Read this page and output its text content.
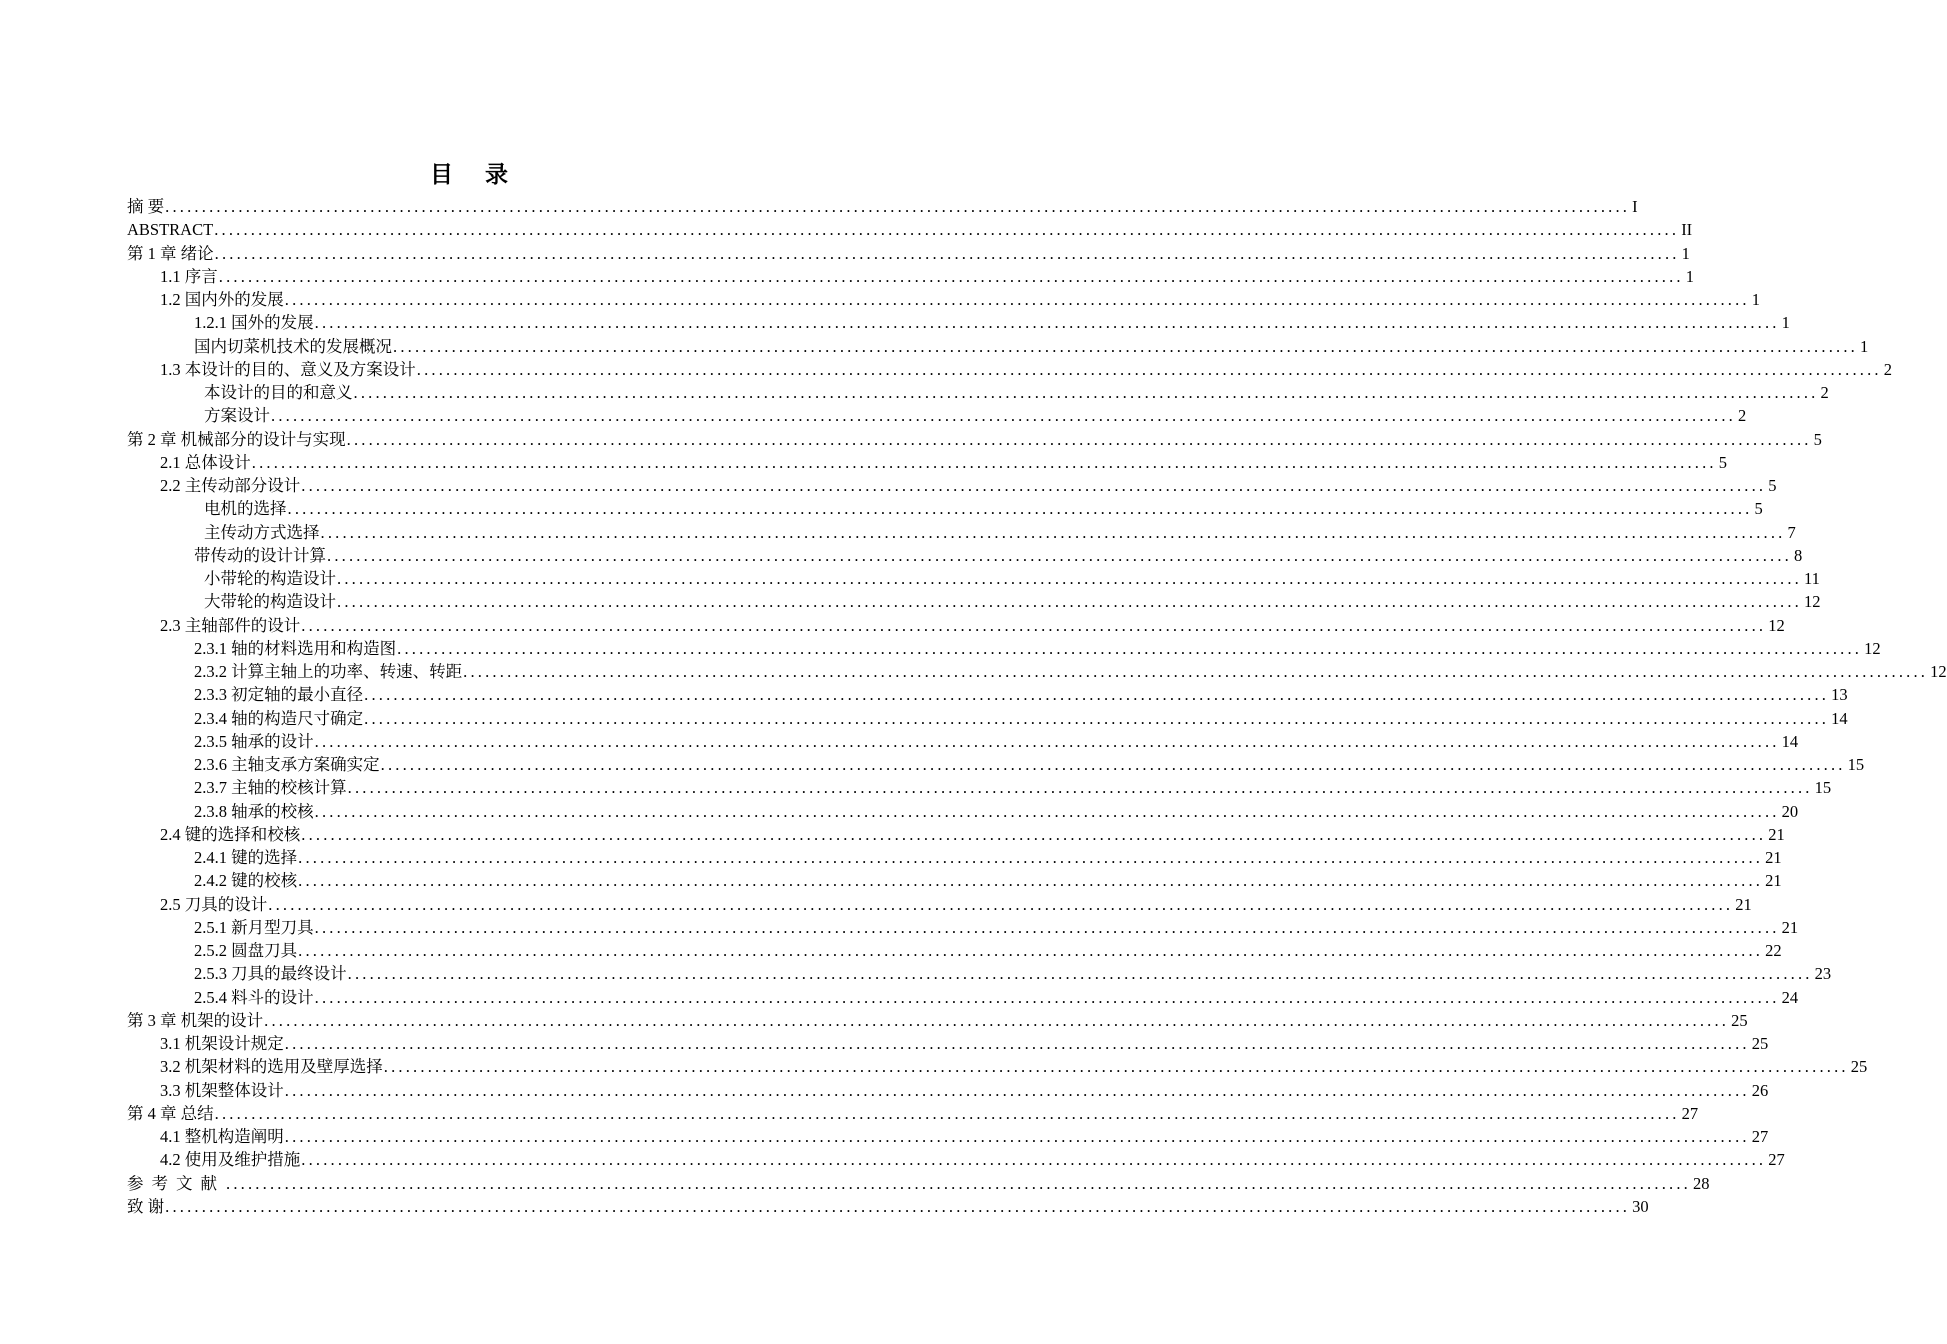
目 录
摘 要 ........................................................................................................................................................................................................ I
ABSTRACT ........................................................................................................................................................................................................ II
第 1 章 绪论 ........................................................................................................................................................................................................ 1
1.1 序言 ........................................................................................................................................................................................................ 1
1.2 国内外的发展 ........................................................................................................................................................................................................ 1
1.2.1 国外的发展 ........................................................................................................................................................................................................ 1
国内切菜机技术的发展概况 ........................................................................................................................................................................................................ 1
1.3 本设计的目的、意义及方案设计 ........................................................................................................................................................................................................ 2
本设计的目的和意义 ........................................................................................................................................................................................................ 2
方案设计 ........................................................................................................................................................................................................ 2
第 2 章 机械部分的设计与实现 ........................................................................................................................................................................................................ 5
2.1 总体设计 ........................................................................................................................................................................................................ 5
2.2 主传动部分设计 ........................................................................................................................................................................................................ 5
电机的选择 ........................................................................................................................................................................................................ 5
主传动方式选择 ........................................................................................................................................................................................................ 7
带传动的设计计算 ........................................................................................................................................................................................................ 8
小带轮的构造设计 ........................................................................................................................................................................................................ 11
大带轮的构造设计 ........................................................................................................................................................................................................ 12
2.3 主轴部件的设计 ........................................................................................................................................................................................................ 12
2.3.1 轴的材料选用和构造图 ........................................................................................................................................................................................................ 12
2.3.2 计算主轴上的功率、转速、转距 ........................................................................................................................................................................................................ 12
2.3.3 初定轴的最小直径 ........................................................................................................................................................................................................ 13
2.3.4 轴的构造尺寸确定 ........................................................................................................................................................................................................ 14
2.3.5 轴承的设计 ........................................................................................................................................................................................................ 14
2.3.6 主轴支承方案确实定 ........................................................................................................................................................................................................ 15
2.3.7 主轴的校核计算 ........................................................................................................................................................................................................ 15
2.3.8 轴承的校核 ........................................................................................................................................................................................................ 20
2.4 键的选择和校核 ........................................................................................................................................................................................................ 21
2.4.1 键的选择 ........................................................................................................................................................................................................ 21
2.4.2 键的校核 ........................................................................................................................................................................................................ 21
2.5 刀具的设计 ........................................................................................................................................................................................................ 21
2.5.1 新月型刀具 ........................................................................................................................................................................................................ 21
2.5.2 圆盘刀具 ........................................................................................................................................................................................................ 22
2.5.3 刀具的最终设计 ........................................................................................................................................................................................................ 23
2.5.4 料斗的设计 ........................................................................................................................................................................................................ 24
第 3 章 机架的设计 ........................................................................................................................................................................................................ 25
3.1 机架设计规定 ........................................................................................................................................................................................................ 25
3.2 机架材料的选用及壁厚选择 ........................................................................................................................................................................................................ 25
3.3 机架整体设计 ........................................................................................................................................................................................................ 26
第 4 章 总结 ........................................................................................................................................................................................................ 27
4.1 整机构造阐明 ........................................................................................................................................................................................................ 27
4.2 使用及维护措施 ........................................................................................................................................................................................................ 27
参考文献 ........................................................................................................................................................................................................ 28
致 谢 ........................................................................................................................................................................................................ 30
